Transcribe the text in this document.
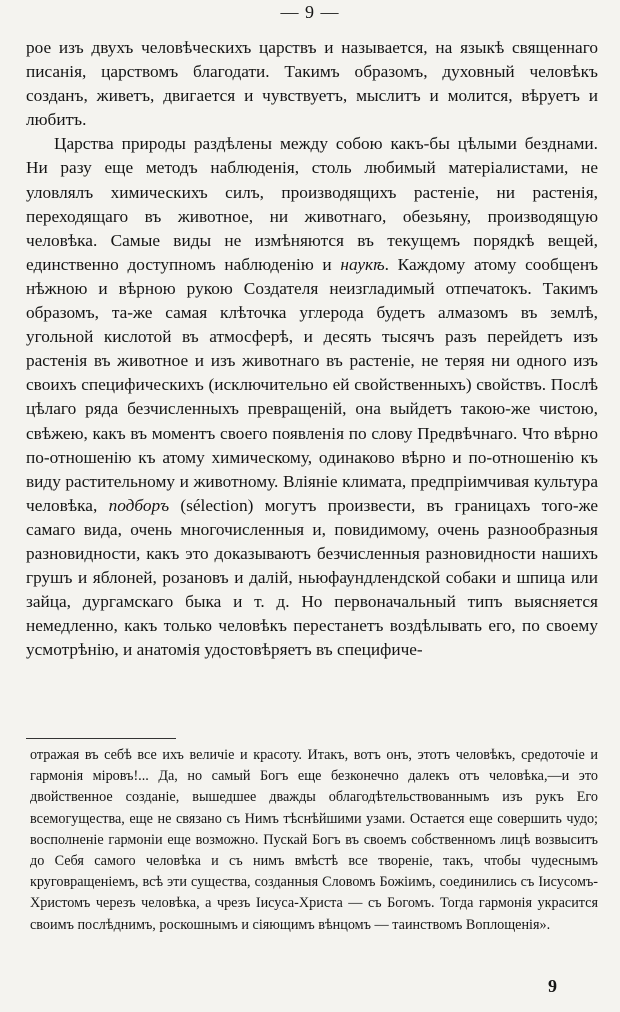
— 9 —

рое изъ двухъ человѣческихъ царствъ и называется, на языкѣ священнаго писанія, царствомъ благодати. Такимъ образомъ, духовный человѣкъ созданъ, живетъ, двигается и чувствуетъ, мыслитъ и молится, вѣруетъ и любитъ.

Царства природы раздѣлены между собою какъ-бы цѣлыми безднами. Ни разу еще методъ наблюденія, столь любимый матеріалистами, не уловлялъ химическихъ силъ, производящихъ растеніе, ни растенія, переходящаго въ животное, ни животнаго, обезьяну, производящую человѣка. Самые виды не измѣняются въ текущемъ порядкѣ вещей, единственно доступномъ наблюденію и наукѣ. Каждому атому сообщенъ нѣжною и вѣрною рукою Создателя неизгладимый отпечатокъ. Такимъ образомъ, та-же самая клѣточка углерода будетъ алмазомъ въ землѣ, угольной кислотой въ атмосферѣ, и десять тысячъ разъ перейдетъ изъ растенія въ животное и изъ животнаго въ растеніе, не теряя ни одного изъ своихъ специфическихъ (исключительно ей свойственныхъ) свойствъ. Послѣ цѣлаго ряда безчисленныхъ превращеній, она выйдетъ такою-же чистою, свѣжею, какъ въ моментъ своего появленія по слову Предвѣчнаго. Что вѣрно по-отношенію къ атому химическому, одинаково вѣрно и по-отношенію къ виду растительному и животному. Вліяніе климата, предпріимчивая культура человѣка, подборъ (sélection) могутъ произвести, въ границахъ того-же самаго вида, очень многочисленныя и, повидимому, очень разнообразныя разновидности, какъ это доказываютъ безчисленныя разновидности нашихъ грушъ и яблоней, розановъ и далій, ньюфаундлендской собаки и шпица или зайца, дургамскаго быка и т. д. Но первоначальный типъ выясняется немедленно, какъ только человѣкъ перестанетъ воздѣлывать его, по своему усмотрѣнію, и анатомія удостовѣряетъ въ специфиче-

отражая въ себѣ все ихъ величіе и красоту. Итакъ, вотъ онъ, этотъ человѣкъ, средоточіе и гармонія міровъ!... Да, но самый Богъ еще безконечно далекъ отъ человѣка,—и это двойственное созданіе, вышедшее дважды облагодѣтельствованнымъ изъ рукъ Его всемогущества, еще не связано съ Нимъ тѣснѣйшими узами. Остается еще совершить чудо; восполненіе гармоніи еще возможно. Пускай Богъ въ своемъ собственномъ лицѣ возвыситъ до Себя самого человѣка и съ нимъ вмѣстѣ все твореніе, такъ, чтобы чудеснымъ круговращеніемъ, всѣ эти существа, созданныя Словомъ Божіимъ, соединились съ Іисусомъ-Христомъ черезъ человѣка, а чрезъ Іисуса-Христа — съ Богомъ. Тогда гармонія украсится своимъ послѣднимъ, роскошнымъ и сіяющимъ вѣнцомъ — таинствомъ Воплощенія».

9
